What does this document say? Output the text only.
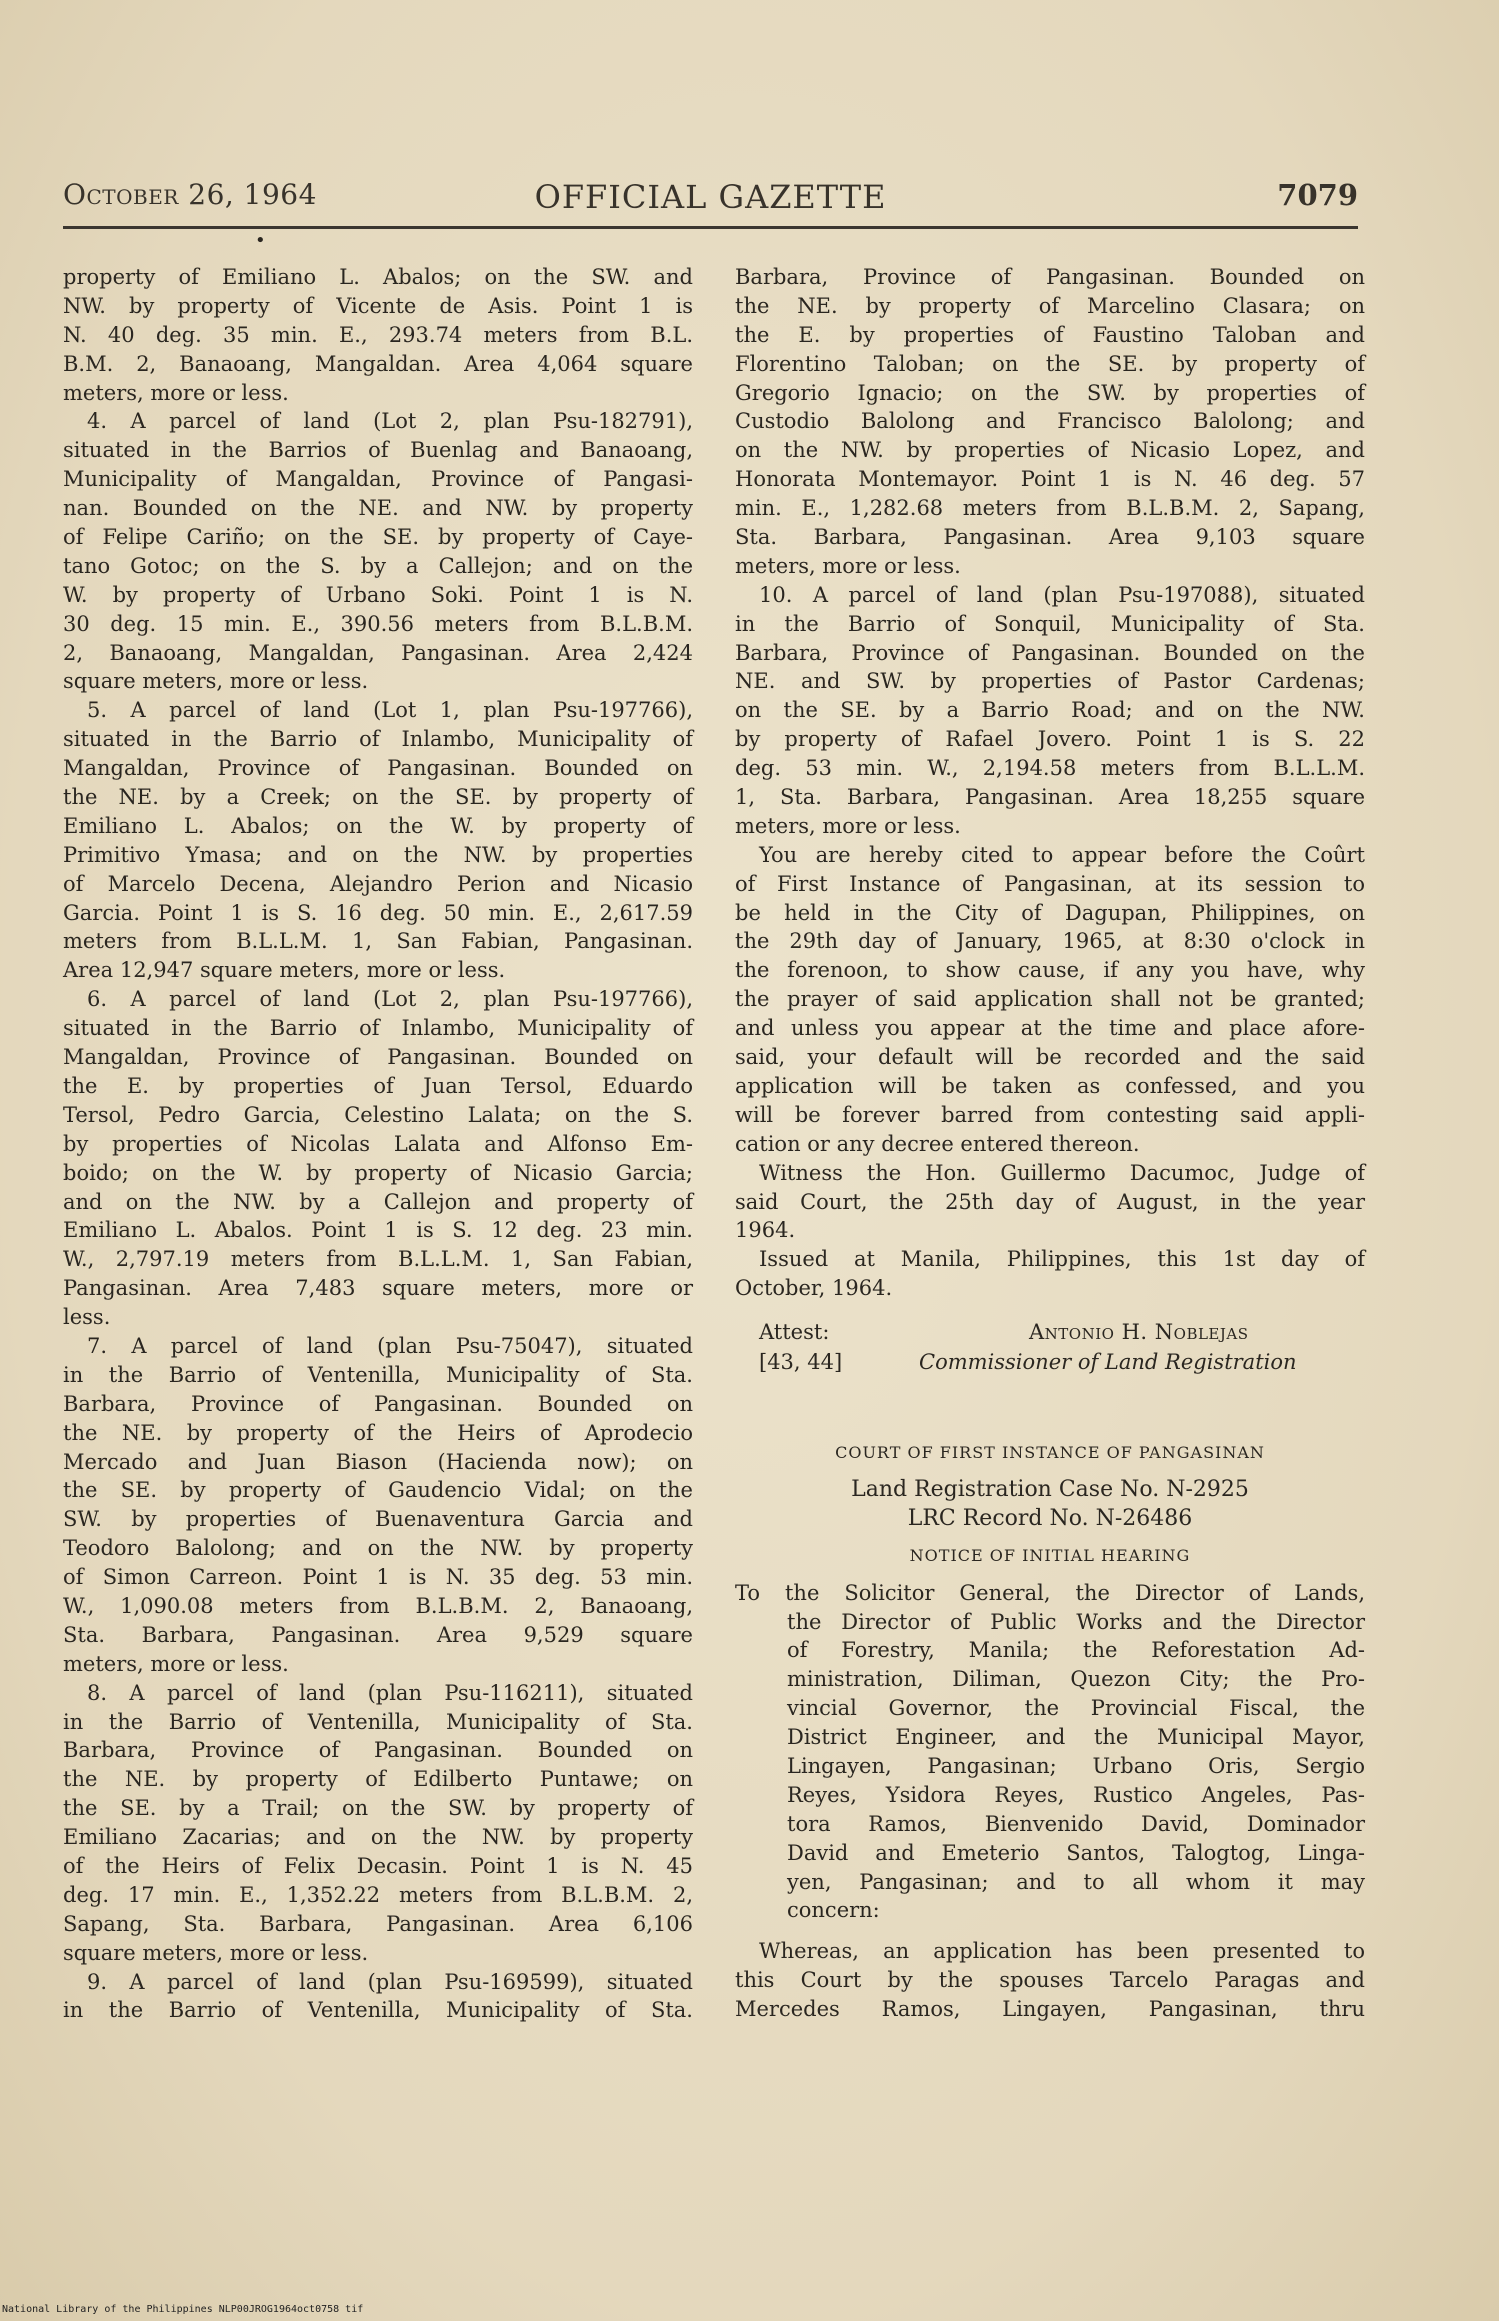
October 26, 1964	OFFICIAL GAZETTE	7079
•
property of Emiliano L. Abalos; on the SW. and
NW. by property of Vicente de Asis. Point 1 is
N. 40 deg. 35 min. E., 293.74 meters from B.L.
B.M. 2, Banaoang, Mangaldan. Area 4,064 square
meters, more or less.
4. A parcel of land (Lot 2, plan Psu-182791),
situated in the Barrios of Buenlag and Banaoang,
Municipality of Mangaldan, Province of Pangasi-
nan. Bounded on the NE. and NW. by property
of Felipe Cariño; on the SE. by property of Caye-
tano Gotoc; on the S. by a Callejon; and on the
W. by property of Urbano Soki. Point 1 is N.
30 deg. 15 min. E., 390.56 meters from B.L.B.M.
2, Banaoang, Mangaldan, Pangasinan. Area 2,424
square meters, more or less.
5. A parcel of land (Lot 1, plan Psu-197766),
situated in the Barrio of Inlambo, Municipality of
Mangaldan, Province of Pangasinan. Bounded on
the NE. by a Creek; on the SE. by property of
Emiliano L. Abalos; on the W. by property of
Primitivo Ymasa; and on the NW. by properties
of Marcelo Decena, Alejandro Perion and Nicasio
Garcia. Point 1 is S. 16 deg. 50 min. E., 2,617.59
meters from B.L.L.M. 1, San Fabian, Pangasinan.
Area 12,947 square meters, more or less.
6. A parcel of land (Lot 2, plan Psu-197766),
situated in the Barrio of Inlambo, Municipality of
Mangaldan, Province of Pangasinan. Bounded on
the E. by properties of Juan Tersol, Eduardo
Tersol, Pedro Garcia, Celestino Lalata; on the S.
by properties of Nicolas Lalata and Alfonso Em-
boido; on the W. by property of Nicasio Garcia;
and on the NW. by a Callejon and property of
Emiliano L. Abalos. Point 1 is S. 12 deg. 23 min.
W., 2,797.19 meters from B.L.L.M. 1, San Fabian,
Pangasinan. Area 7,483 square meters, more or
less.
7. A parcel of land (plan Psu-75047), situated
in the Barrio of Ventenilla, Municipality of Sta.
Barbara, Province of Pangasinan. Bounded on
the NE. by property of the Heirs of Aprodecio
Mercado and Juan Biason (Hacienda now); on
the SE. by property of Gaudencio Vidal; on the
SW. by properties of Buenaventura Garcia and
Teodoro Balolong; and on the NW. by property
of Simon Carreon. Point 1 is N. 35 deg. 53 min.
W., 1,090.08 meters from B.L.B.M. 2, Banaoang,
Sta. Barbara, Pangasinan. Area 9,529 square
meters, more or less.
8. A parcel of land (plan Psu-116211), situated
in the Barrio of Ventenilla, Municipality of Sta.
Barbara, Province of Pangasinan. Bounded on
the NE. by property of Edilberto Puntawe; on
the SE. by a Trail; on the SW. by property of
Emiliano Zacarias; and on the NW. by property
of the Heirs of Felix Decasin. Point 1 is N. 45
deg. 17 min. E., 1,352.22 meters from B.L.B.M. 2,
Sapang, Sta. Barbara, Pangasinan. Area 6,106
square meters, more or less.
9. A parcel of land (plan Psu-169599), situated
in the Barrio of Ventenilla, Municipality of Sta.
Barbara, Province of Pangasinan. Bounded on
the NE. by property of Marcelino Clasara; on
the E. by properties of Faustino Taloban and
Florentino Taloban; on the SE. by property of
Gregorio Ignacio; on the SW. by properties of
Custodio Balolong and Francisco Balolong; and
on the NW. by properties of Nicasio Lopez, and
Honorata Montemayor. Point 1 is N. 46 deg. 57
min. E., 1,282.68 meters from B.L.B.M. 2, Sapang,
Sta. Barbara, Pangasinan. Area 9,103 square
meters, more or less.
10. A parcel of land (plan Psu-197088), situated
in the Barrio of Sonquil, Municipality of Sta.
Barbara, Province of Pangasinan. Bounded on the
NE. and SW. by properties of Pastor Cardenas;
on the SE. by a Barrio Road; and on the NW.
by property of Rafael Jovero. Point 1 is S. 22
deg. 53 min. W., 2,194.58 meters from B.L.L.M.
1, Sta. Barbara, Pangasinan. Area 18,255 square
meters, more or less.
You are hereby cited to appear before the Coûrt
of First Instance of Pangasinan, at its session to
be held in the City of Dagupan, Philippines, on
the 29th day of January, 1965, at 8:30 o'clock in
the forenoon, to show cause, if any you have, why
the prayer of said application shall not be granted;
and unless you appear at the time and place afore-
said, your default will be recorded and the said
application will be taken as confessed, and you
will be forever barred from contesting said appli-
cation or any decree entered thereon.
Witness the Hon. Guillermo Dacumoc, Judge of
said Court, the 25th day of August, in the year
1964.
Issued at Manila, Philippines, this 1st day of
October, 1964.
Attest:	Antonio H. Noblejas
[43, 44]	Commissioner of Land Registration
COURT OF FIRST INSTANCE OF PANGASINAN
Land Registration Case No. N-2925
LRC Record No. N-26486
NOTICE OF INITIAL HEARING
To the Solicitor General, the Director of Lands,
the Director of Public Works and the Director
of Forestry, Manila; the Reforestation Ad-
ministration, Diliman, Quezon City; the Pro-
vincial Governor, the Provincial Fiscal, the
District Engineer, and the Municipal Mayor,
Lingayen, Pangasinan; Urbano Oris, Sergio
Reyes, Ysidora Reyes, Rustico Angeles, Pas-
tora Ramos, Bienvenido David, Dominador
David and Emeterio Santos, Talogtog, Linga-
yen, Pangasinan; and to all whom it may
concern:
Whereas, an application has been presented to
this Court by the spouses Tarcelo Paragas and
Mercedes Ramos, Lingayen, Pangasinan, thru
National Library of the Philippines NLP00JROG1964oct0758 tif
